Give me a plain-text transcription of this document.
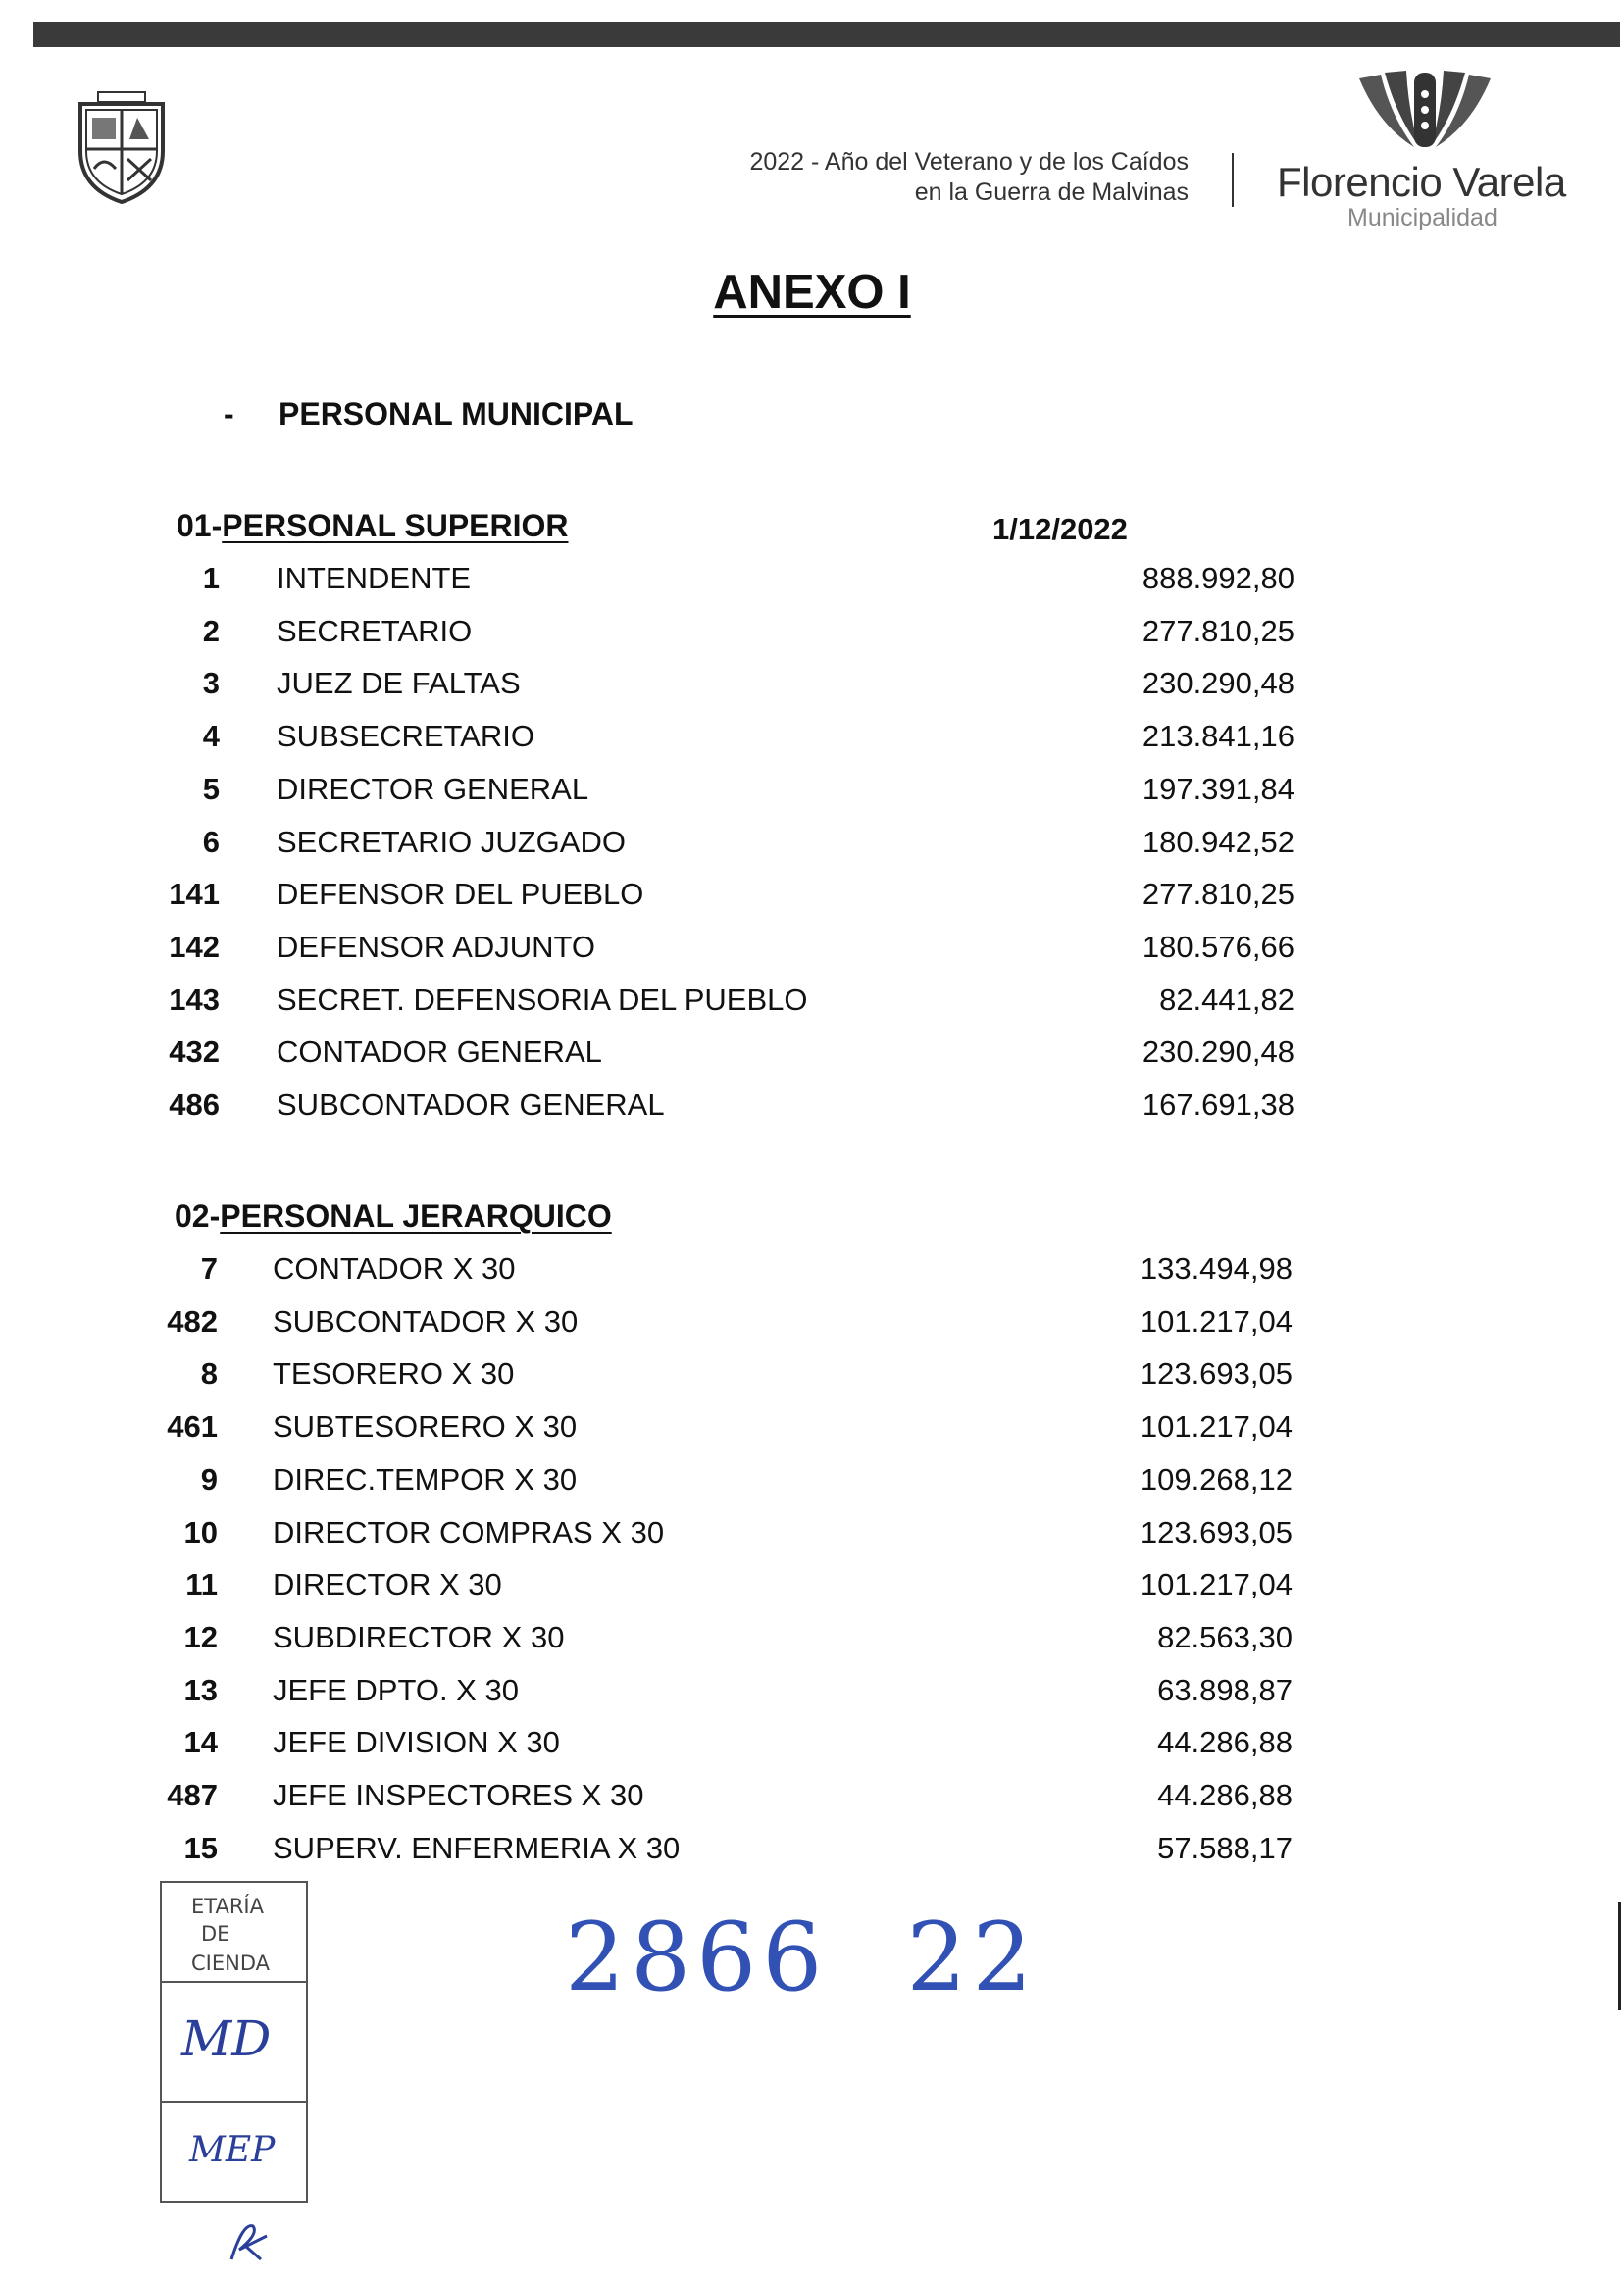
2022 - Año del Veterano y de los Caídos
en la Guerra de Malvinas Florencio Varela
Municipalidad
ANEXO I
- PERSONAL MUNICIPAL
01-PERSONAL SUPERIOR	1/12/2022
1 INTENDENTE	888.992,80
2 SECRETARIO	277.810,25
3 JUEZ DE FALTAS	230.290,48
4 SUBSECRETARIO	213.841,16
5 DIRECTOR GENERAL	197.391,84
6 SECRETARIO JUZGADO	180.942,52
141 DEFENSOR DEL PUEBLO	277.810,25
142 DEFENSOR ADJUNTO	180.576,66
143 SECRET. DEFENSORIA DEL PUEBLO	82.441,82
432 CONTADOR GENERAL	230.290,48
486 SUBCONTADOR GENERAL	167.691,38
02-PERSONAL JERARQUICO
7 CONTADOR X 30	133.494,98
482 SUBCONTADOR X 30	101.217,04
8 TESORERO X 30	123.693,05
461 SUBTESORERO X 30	101.217,04
9 DIREC.TEMPOR X 30	109.268,12
10 DIRECTOR COMPRAS X 30	123.693,05
11 DIRECTOR X 30	101.217,04
12 SUBDIRECTOR X 30	82.563,30
13 JEFE DPTO. X 30	63.898,87
14 JEFE DIVISION X 30	44.286,88
487 JEFE INSPECTORES X 30	44.286,88
15 SUPERV. ENFERMERIA X 30	57.588,17
ETARÍA
DE
CIENDA
MD
MEP
2866 22
